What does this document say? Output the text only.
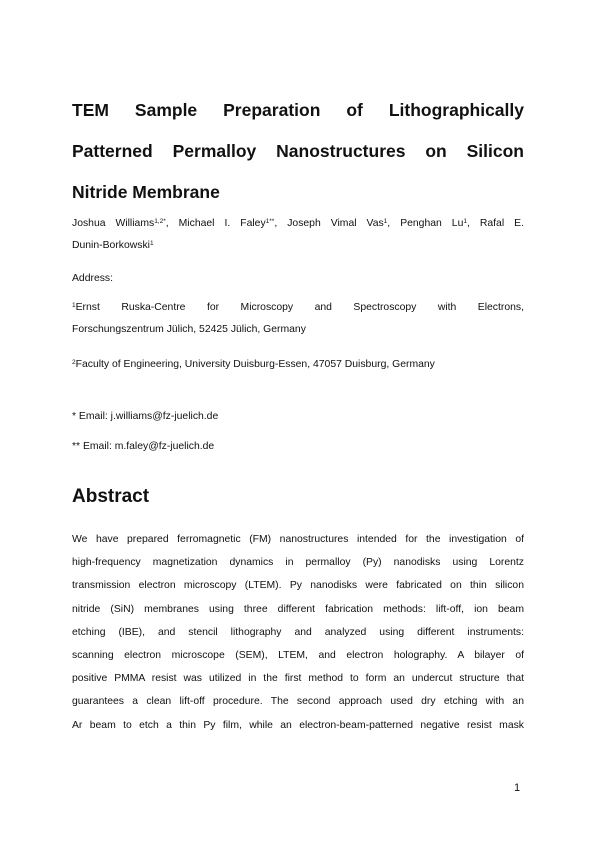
TEM Sample Preparation of Lithographically
Patterned Permalloy Nanostructures on Silicon
Nitride Membrane
Joshua Williams$^{1,2*}$, Michael I. Faley$^{1**}$, Joseph Vimal Vas$^1$, Penghan Lu$^1$, Rafal E.
Dunin-Borkowski$^1$
Address:
$^1$Ernst Ruska-Centre for Microscopy and Spectroscopy with Electrons,
Forschungszentrum Jülich, 52425 Jülich, Germany
$^2$Faculty of Engineering, University Duisburg-Essen, 47057 Duisburg, Germany
* Email: j.williams@fz-juelich.de
** Email: m.faley@fz-juelich.de
Abstract
We have prepared ferromagnetic (FM) nanostructures intended for the investigation of
high-frequency magnetization dynamics in permalloy (Py) nanodisks using Lorentz
transmission electron microscopy (LTEM). Py nanodisks were fabricated on thin silicon
nitride (SiN) membranes using three different fabrication methods: lift-off, ion beam
etching (IBE), and stencil lithography and analyzed using different instruments:
scanning electron microscope (SEM), LTEM, and electron holography. A bilayer of
positive PMMA resist was utilized in the first method to form an undercut structure that
guarantees a clean lift-off procedure. The second approach used dry etching with an
Ar beam to etch a thin Py film, while an electron-beam-patterned negative resist mask
1
